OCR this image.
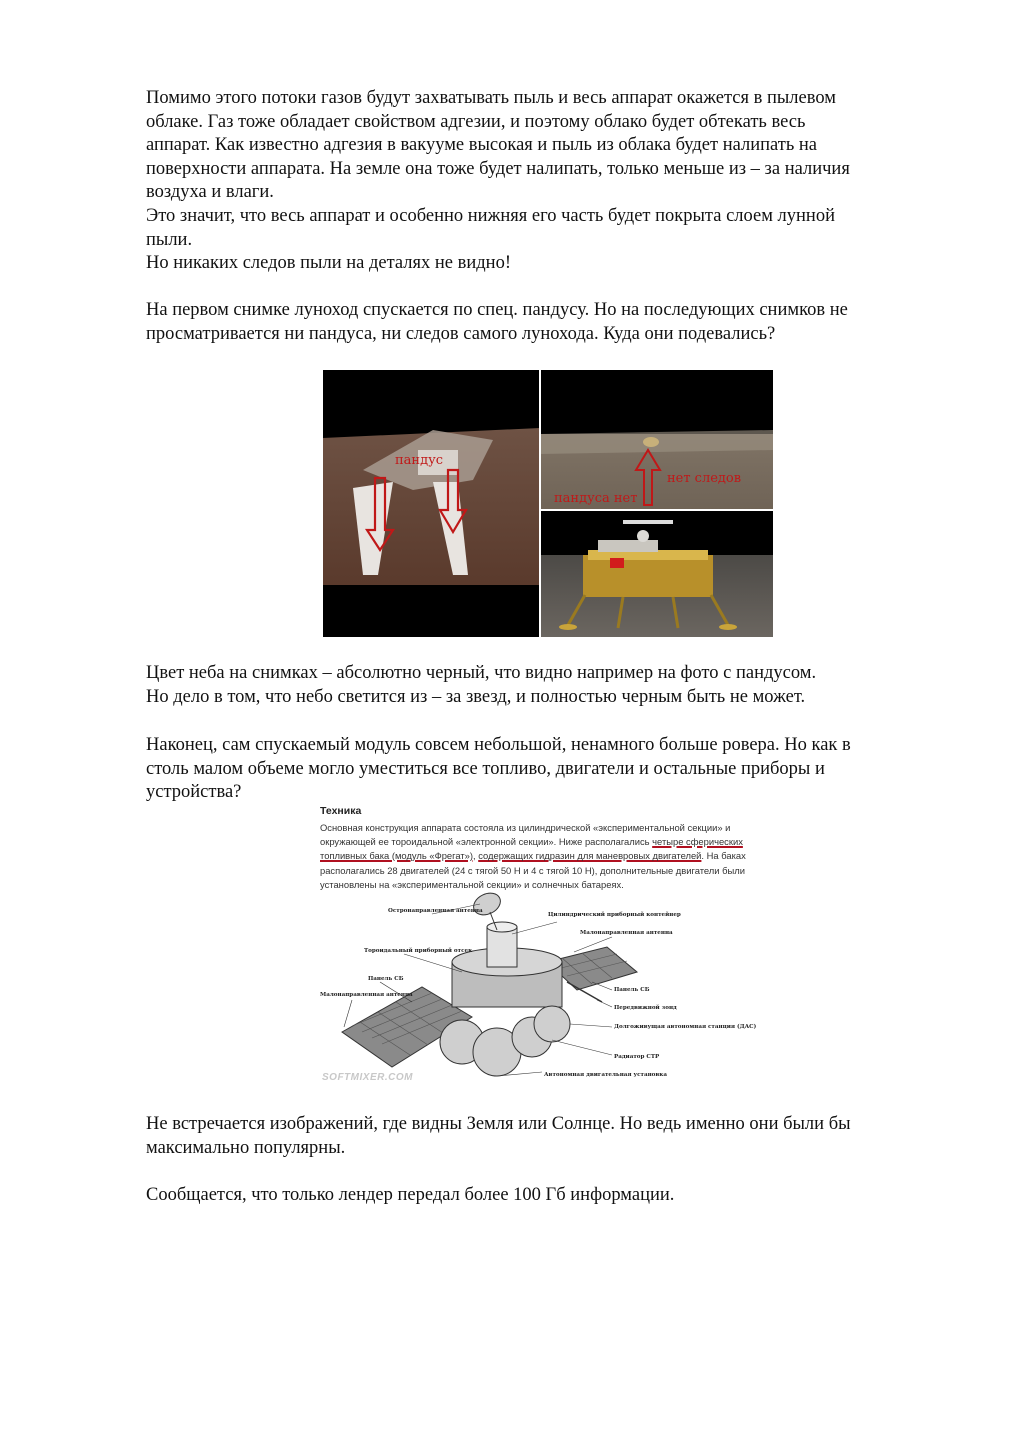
Помимо этого потоки газов будут захватывать пыль и весь аппарат окажется в пылевом
облаке. Газ тоже обладает свойством адгезии, и поэтому облако будет обтекать весь
аппарат. Как известно адгезия в вакууме высокая и пыль из облака будет налипать на
поверхности аппарата. На земле она тоже будет налипать, только меньше из – за наличия
воздуха и влаги.
Это значит, что весь аппарат и особенно нижняя его часть будет покрыта слоем лунной
пыли.
Но никаких следов пыли на деталях не видно!

На первом снимке луноход спускается по спец. пандусу. Но на последующих снимков не
просматривается ни пандуса, ни следов самого лунохода. Куда они подевались?

пандус
нет следов
пандуса нет

Цвет неба на снимках – абсолютно черный, что видно например на фото с пандусом.
Но дело в том, что небо светится из – за звезд, и полностью черным быть не может.

Наконец, сам спускаемый модуль совсем небольшой, ненамного больше ровера. Но как в
столь малом объеме могло уместиться все топливо, двигатели и остальные приборы и
устройства?

Техника
Основная конструкция аппарата состояла из цилиндрической «экспериментальной секции» и окружающей ее тороидальной «электронной секции». Ниже располагались четыре сферических топливных бака (модуль «Фрегат»), содержащих гидразин для маневровых двигателей. На баках располагались 28 двигателей (24 с тягой 50 Н и 4 с тягой 10 Н), дополнительные двигатели были установлены на «экспериментальной секции» и солнечных батареях.
Остронаправленная антенна
Цилиндрический приборный контейнер
Малонаправленная антенна
Тороидальный приборный отсек
Панель СБ
Малонаправленная антенна
Панель СБ
Передвижной зонд
Долгоживущая автономная станция (ДАС)
Радиатор СТР
Автономная двигательная установка
SOFTMIXER.COM

Не встречается изображений, где видны Земля или Солнце. Но ведь именно они были бы
максимально популярны.

Сообщается, что только лендер передал более 100 Гб информации.
